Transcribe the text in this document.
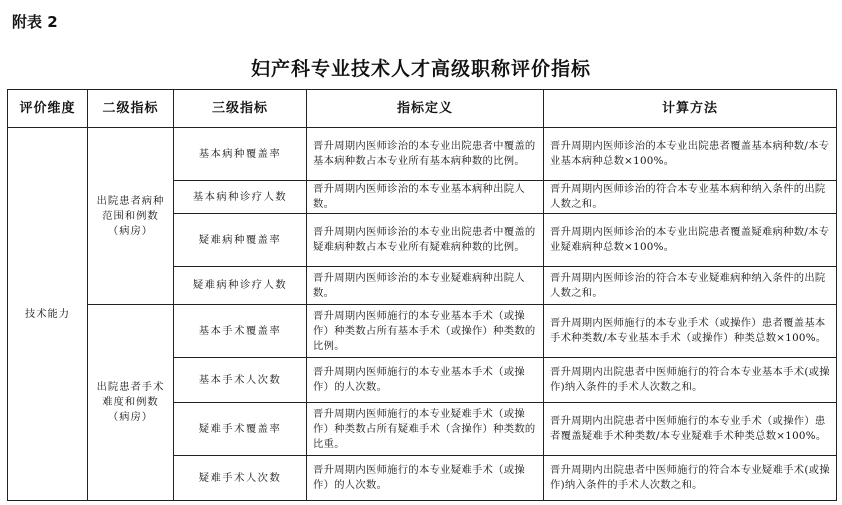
附表 2
妇产科专业技术人才高级职称评价指标
评价维度	二级指标	三级指标	指标定义	计算方法
技术能力	出院患者病种范围和例数（病房）	基本病种覆盖率	晋升周期内医师诊治的本专业出院患者中覆盖的基本病种数占本专业所有基本病种数的比例。	晋升周期内医师诊治的本专业出院患者覆盖基本病种数/本专业基本病种总数×100%。
		基本病种诊疗人数	晋升周期内医师诊治的本专业基本病种出院人数。	晋升周期内医师诊治的符合本专业基本病种纳入条件的出院人数之和。
		疑难病种覆盖率	晋升周期内医师诊治的本专业出院患者中覆盖的疑难病种数占本专业所有疑难病种数的比例。	晋升周期内医师诊治的本专业出院患者覆盖疑难病种数/本专业疑难病种总数×100%。
		疑难病种诊疗人数	晋升周期内医师诊治的本专业疑难病种出院人数。	晋升周期内医师诊治的符合本专业疑难病种纳入条件的出院人数之和。
	出院患者手术难度和例数（病房）	基本手术覆盖率	晋升周期内医师施行的本专业基本手术（或操作）种类数占所有基本手术（或操作）种类数的比例。	晋升周期内医师施行的本专业手术（或操作）患者覆盖基本手术种类数/本专业基本手术（或操作）种类总数×100%。
		基本手术人次数	晋升周期内医师施行的本专业基本手术（或操作）的人次数。	晋升周期内出院患者中医师施行的符合本专业基本手术(或操作)纳入条件的手术人次数之和。
		疑难手术覆盖率	晋升周期内医师施行的本专业疑难手术（或操作）种类数占所有疑难手术（含操作）种类数的比重。	晋升周期内出院患者中医师施行的本专业手术（或操作）患者覆盖疑难手术种类数/本专业疑难手术种类总数×100%。
		疑难手术人次数	晋升周期内医师施行的本专业疑难手术（或操作）的人次数。	晋升周期内出院患者中医师施行的符合本专业疑难手术(或操作)纳入条件的手术人次数之和。
